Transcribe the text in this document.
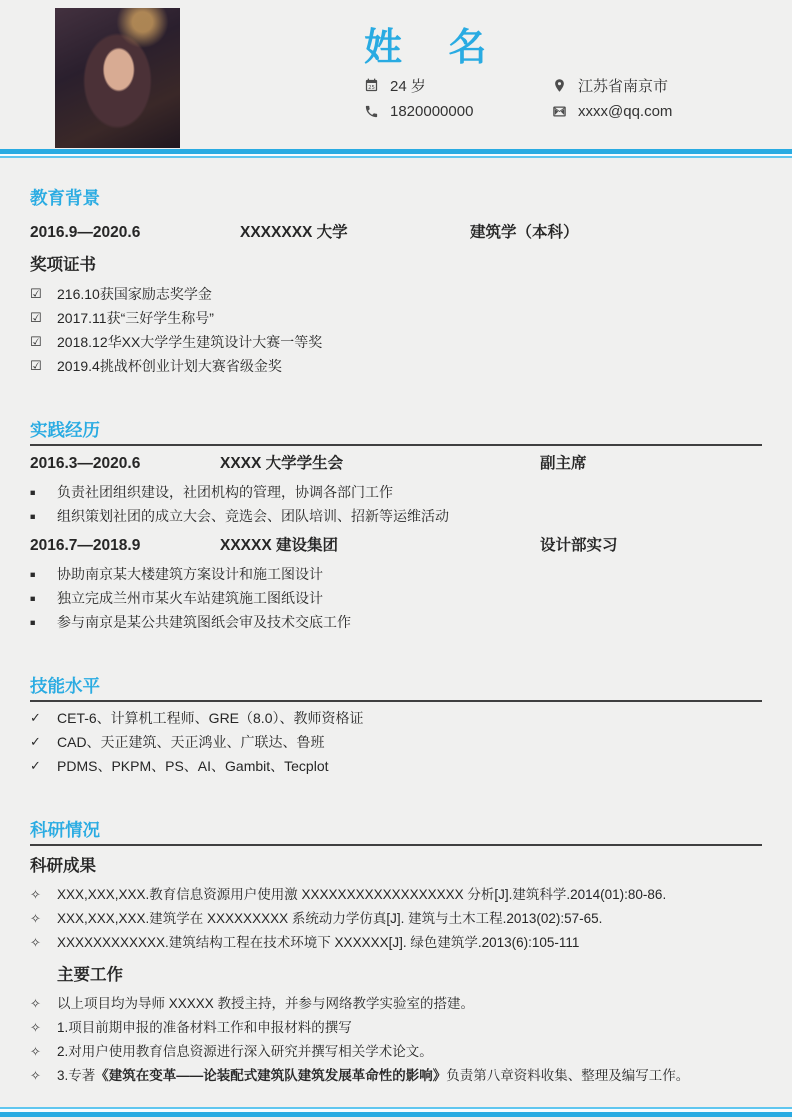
姓 名
25 24 岁	江苏省南京市
1820000000	xxxx@qq.com
教育背景
2016.9—2020.6	XXXXXXX 大学	建筑学（本科）
奖项证书
☑	216.10获国家励志奖学金
☑	2017.11获“三好学生称号”
☑	2018.12华XX大学学生建筑设计大赛一等奖
☑	2019.4挑战杯创业计划大赛省级金奖
实践经历
2016.3—2020.6	XXXX 大学学生会	副主席
■	负责社团组织建设，社团机构的管理，协调各部门工作
■	组织策划社团的成立大会、竞选会、团队培训、招新等运维活动
2016.7—2018.9	XXXXX 建设集团	设计部实习
■	协助南京某大楼建筑方案设计和施工图设计
■	独立完成兰州市某火车站建筑施工图纸设计
■	参与南京是某公共建筑图纸会审及技术交底工作
技能水平
✓	CET-6、计算机工程师、GRE（8.0）、教师资格证
✓	CAD、天正建筑、天正鸿业、广联达、鲁班
✓	PDMS、PKPM、PS、AI、Gambit、Tecplot
科研情况
科研成果
✧	XXX,XXX,XXX.教育信息资源用户使用激 XXXXXXXXXXXXXXXXXX 分析[J].建筑科学.2014(01):80-86.
✧	XXX,XXX,XXX.建筑学在 XXXXXXXXX 系统动力学仿真[J]. 建筑与土木工程.2013(02):57-65.
✧	XXXXXXXXXXXX.建筑结构工程在技术环境下 XXXXXX[J]. 绿色建筑学.2013(6):105-111
主要工作
✧	以上项目均为导师 XXXXX 教授主持，并参与网络教学实验室的搭建。
✧	1.项目前期申报的准备材料工作和申报材料的撰写
✧	2.对用户使用教育信息资源进行深入研究并撰写相关学术论文。
✧	3.专著《建筑在变革——论装配式建筑队建筑发展革命性的影响》负责第八章资料收集、整理及编写工作。
